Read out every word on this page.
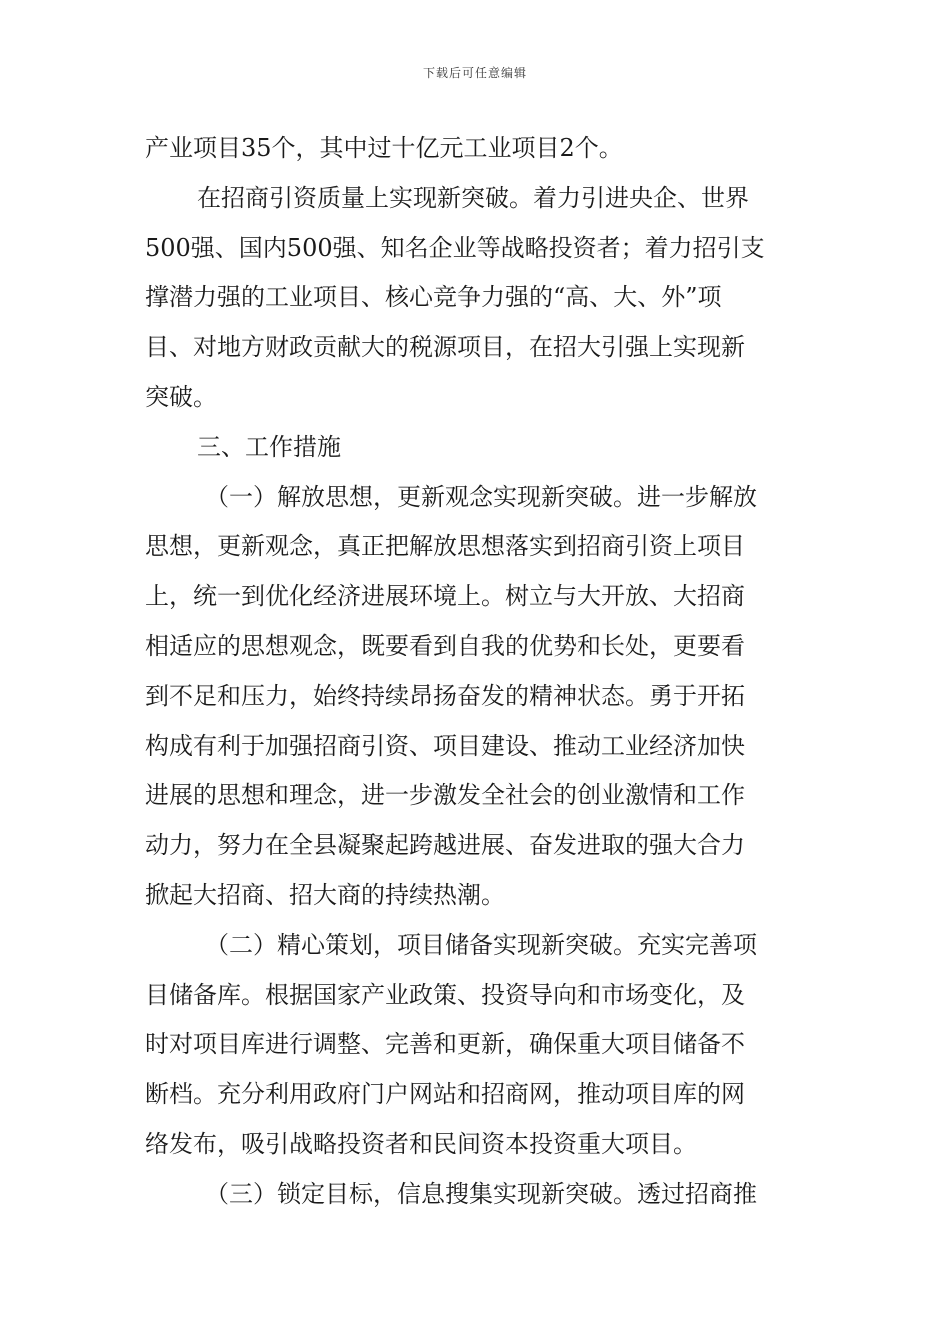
下载后可任意编辑
产业项目35个，其中过十亿元工业项目2个。
在招商引资质量上实现新突破。着力引进央企、世界
500强、国内500强、知名企业等战略投资者；着力招引支
撑潜力强的工业项目、核心竞争力强的“高、大、外”项
目、对地方财政贡献大的税源项目，在招大引强上实现新
突破。
三、工作措施
（一）解放思想，更新观念实现新突破。进一步解放
思想，更新观念，真正把解放思想落实到招商引资上项目
上，统一到优化经济进展环境上。树立与大开放、大招商
相适应的思想观念，既要看到自我的优势和长处，更要看
到不足和压力，始终持续昂扬奋发的精神状态。勇于开拓
构成有利于加强招商引资、项目建设、推动工业经济加快
进展的思想和理念，进一步激发全社会的创业激情和工作
动力，努力在全县凝聚起跨越进展、奋发进取的强大合力
掀起大招商、招大商的持续热潮。
（二）精心策划，项目储备实现新突破。充实完善项
目储备库。根据国家产业政策、投资导向和市场变化，及
时对项目库进行调整、完善和更新，确保重大项目储备不
断档。充分利用政府门户网站和招商网，推动项目库的网
络发布，吸引战略投资者和民间资本投资重大项目。
（三）锁定目标，信息搜集实现新突破。透过招商推
